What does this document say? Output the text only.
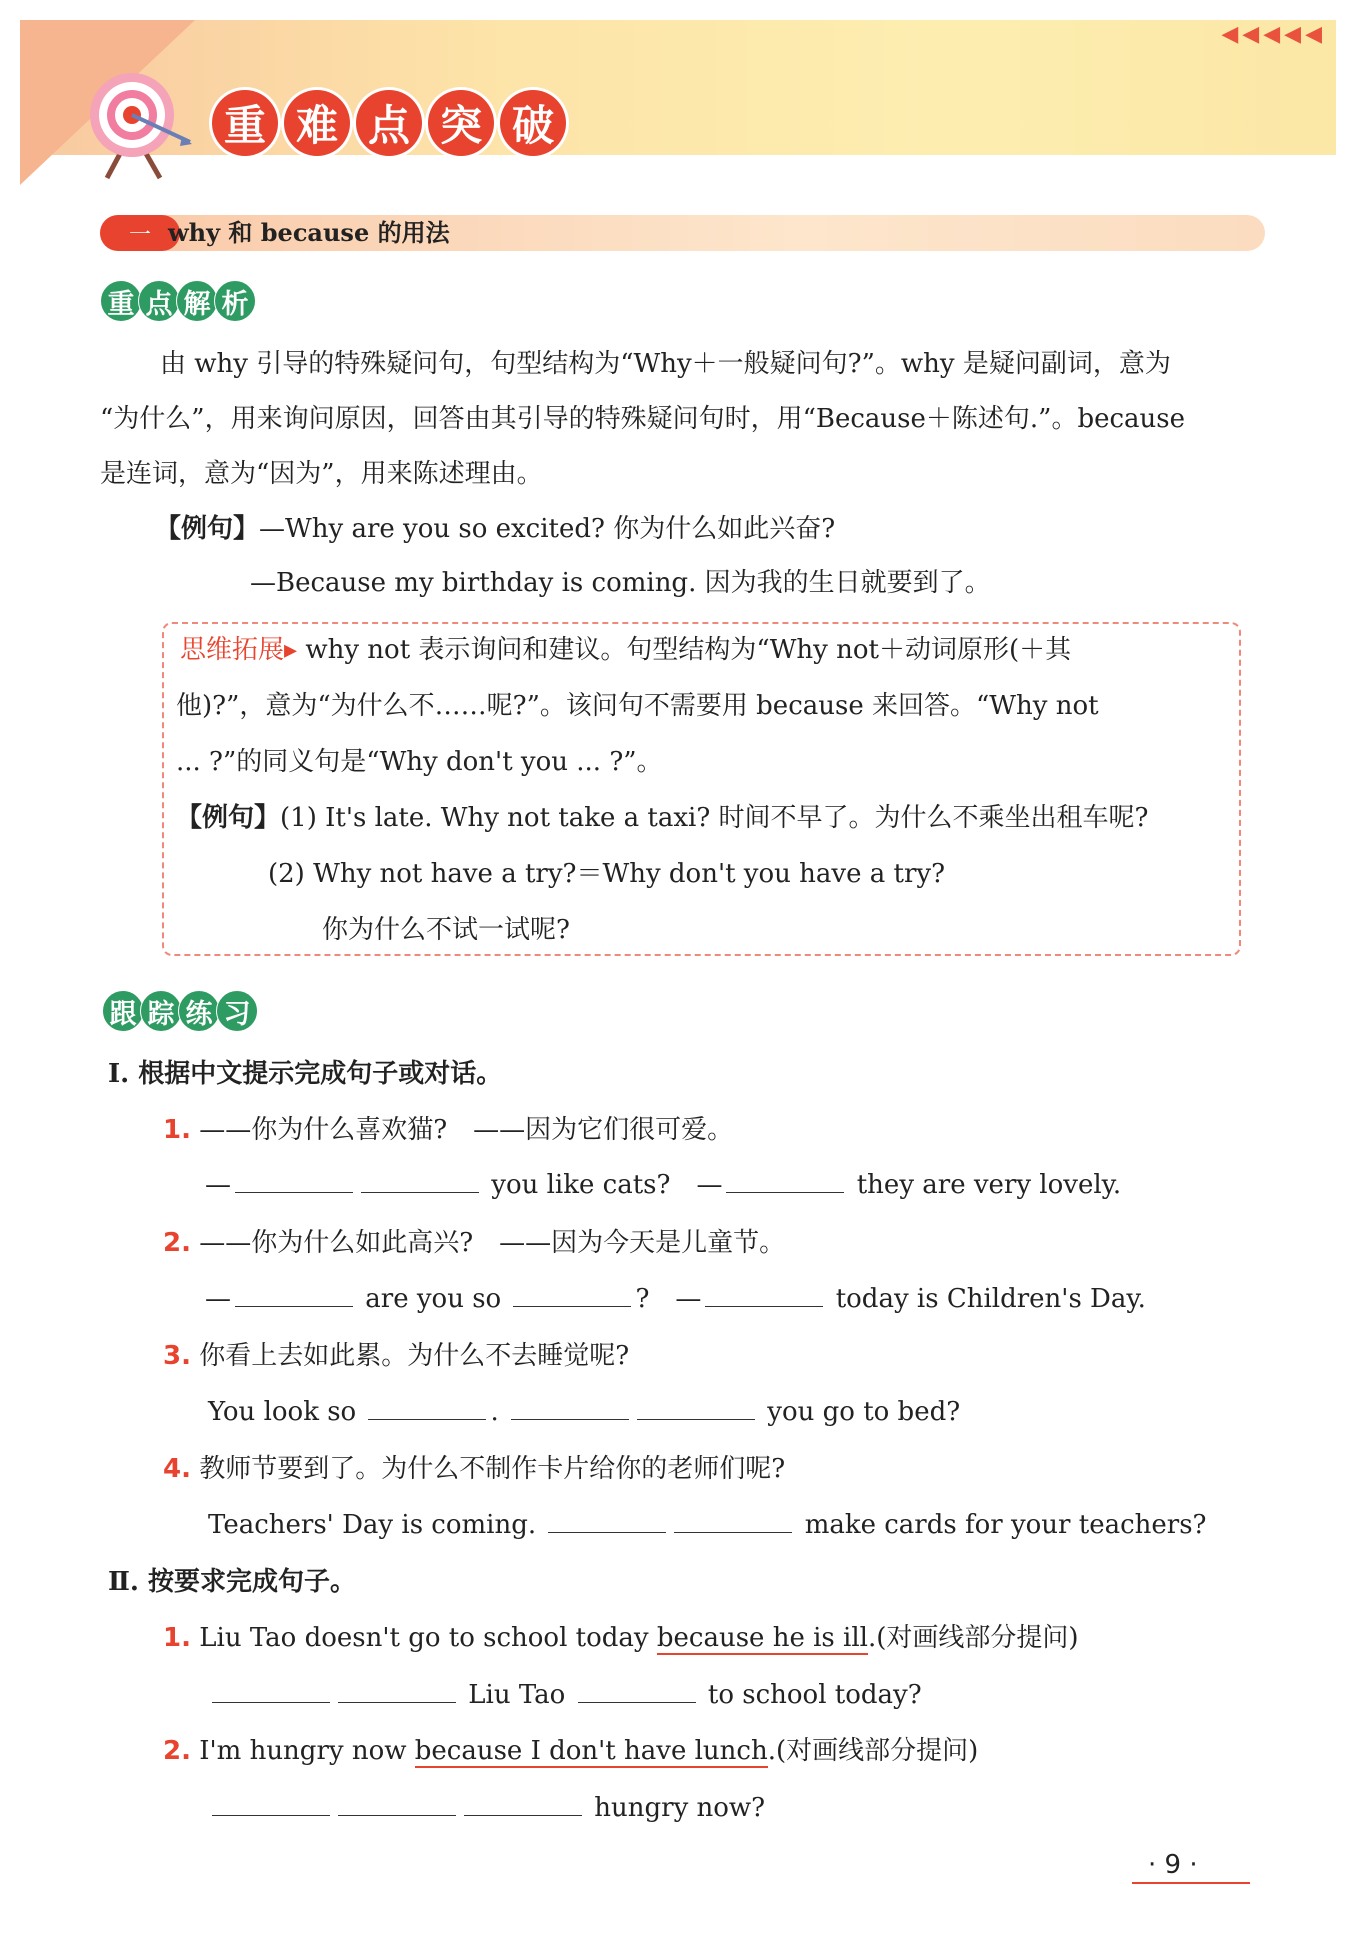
◀◀◀◀◀
重 难 点 突 破
一 why 和 because 的用法
重 点 解 析
由 why 引导的特殊疑问句，句型结构为“Why＋一般疑问句?”。why 是疑问副词，意为
“为什么”，用来询问原因，回答由其引导的特殊疑问句时，用“Because＋陈述句.”。because
是连词，意为“因为”，用来陈述理由。
【例句】—Why are you so excited? 你为什么如此兴奋?
—Because my birthday is coming. 因为我的生日就要到了。
思维拓展▸ why not 表示询问和建议。句型结构为“Why not＋动词原形(＋其
他)?”，意为“为什么不……呢?”。该问句不需要用 because 来回答。“Why not
... ?”的同义句是“Why don't you ... ?”。
【例句】(1) It's late. Why not take a taxi? 时间不早了。为什么不乘坐出租车呢?
(2) Why not have a try?＝Why don't you have a try?
你为什么不试一试呢?
跟 踪 练 习
Ⅰ. 根据中文提示完成句子或对话。
1. ——你为什么喜欢猫?　——因为它们很可爱。
—	you like cats?　—	they are very lovely.
2. ——你为什么如此高兴?　——因为今天是儿童节。
—	are you so	?　—	today is Children's Day.
3. 你看上去如此累。为什么不去睡觉呢?
You look so	.	you go to bed?
4. 教师节要到了。为什么不制作卡片给你的老师们呢?
Teachers' Day is coming.	make cards for your teachers?
Ⅱ. 按要求完成句子。
1. Liu Tao doesn't go to school today because he is ill.(对画线部分提问)
Liu Tao	to school today?
2. I'm hungry now because I don't have lunch.(对画线部分提问)
hungry now?
· 9 ·
